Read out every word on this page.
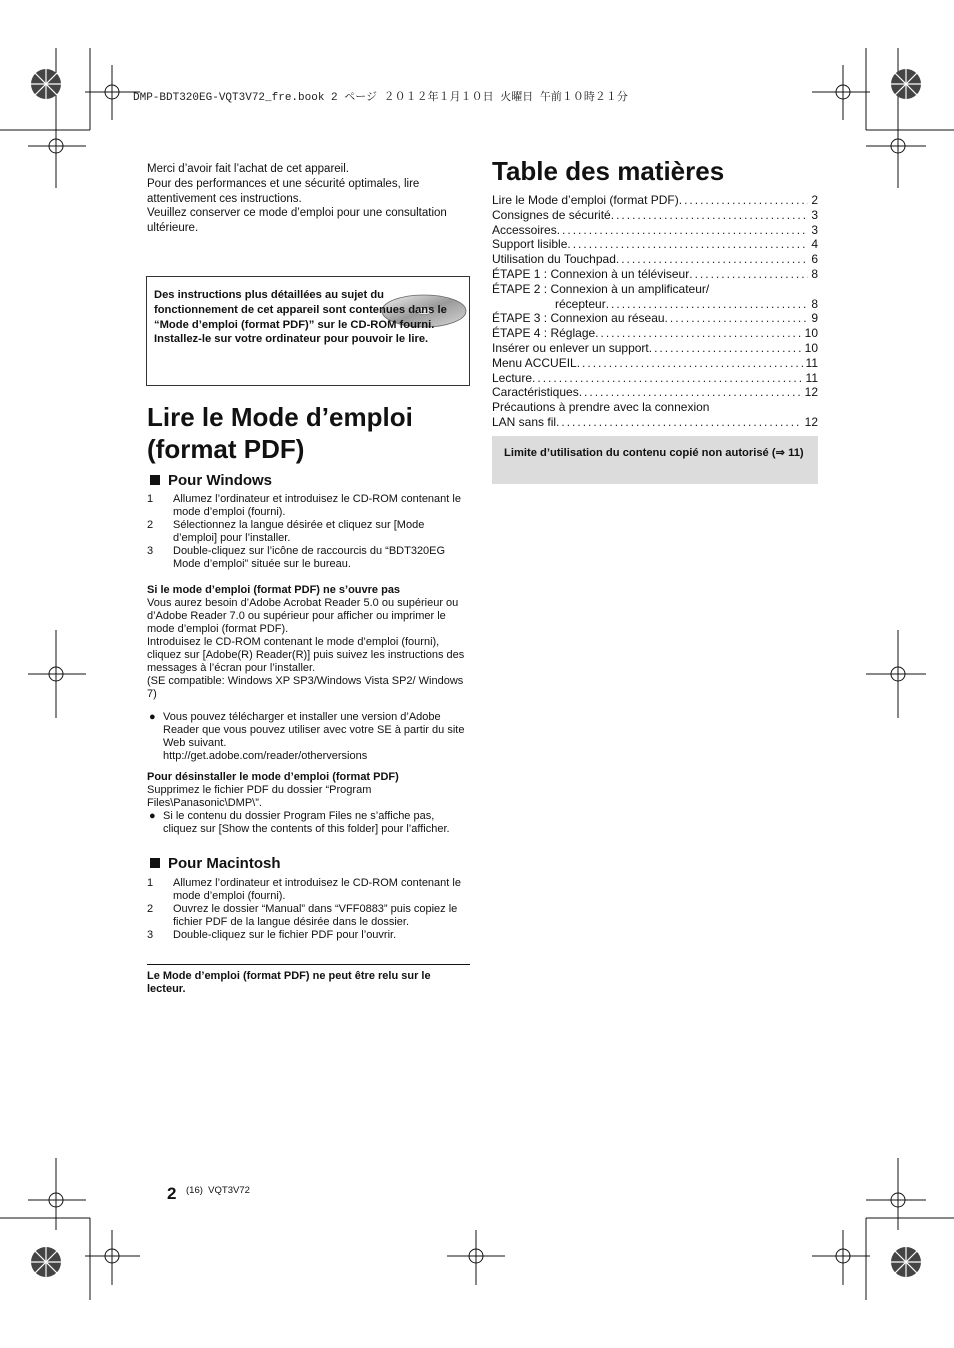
DMP-BDT320EG-VQT3V72_fre.book 2 ページ ２０１２年１月１０日 火曜日 午前１０時２１分
Merci d’avoir fait l’achat de cet appareil.
Pour des performances et une sécurité optimales, lire attentivement ces instructions.
Veuillez conserver ce mode d’emploi pour une consultation ultérieure.
Des instructions plus détaillées au sujet du fonctionnement de cet appareil sont contenues dans le “Mode d’emploi (format PDF)” sur le CD-ROM fourni. Installez-le sur votre ordinateur pour pouvoir le lire.
Lire le Mode d’emploi
(format PDF)
Pour Windows
1 Allumez l’ordinateur et introduisez le CD-ROM contenant le mode d’emploi (fourni).
2 Sélectionnez la langue désirée et cliquez sur [Mode d’emploi] pour l’installer.
3 Double-cliquez sur l’icône de raccourcis du “BDT320EG Mode d’emploi” située sur le bureau.
Si le mode d’emploi (format PDF) ne s’ouvre pas
Vous aurez besoin d’Adobe Acrobat Reader 5.0 ou supérieur ou d’Adobe Reader 7.0 ou supérieur pour afficher ou imprimer le mode d’emploi (format PDF).
Introduisez le CD-ROM contenant le mode d’emploi (fourni), cliquez sur [Adobe(R) Reader(R)] puis suivez les instructions des messages à l’écran pour l’installer.
(SE compatible: Windows XP SP3/Windows Vista SP2/ Windows 7)
● Vous pouvez télécharger et installer une version d’Adobe Reader que vous pouvez utiliser avec votre SE à partir du site Web suivant.
http://get.adobe.com/reader/otherversions
Pour désinstaller le mode d’emploi (format PDF)
Supprimez le fichier PDF du dossier “Program Files\Panasonic\DMP\”.
● Si le contenu du dossier Program Files ne s’affiche pas, cliquez sur [Show the contents of this folder] pour l’afficher.
Pour Macintosh
1 Allumez l’ordinateur et introduisez le CD-ROM contenant le mode d’emploi (fourni).
2 Ouvrez le dossier “Manual” dans “VFF0883” puis copiez le fichier PDF de la langue désirée dans le dossier.
3 Double-cliquez sur le fichier PDF pour l’ouvrir.
Le Mode d’emploi (format PDF) ne peut être relu sur le lecteur.
Table des matières
Lire le Mode d’emploi (format PDF) .....	2
Consignes de sécurité .....	3
Accessoires .....	3
Support lisible .....	4
Utilisation du Touchpad .....	6
ÉTAPE 1 : Connexion à un téléviseur .....	8
ÉTAPE 2 : Connexion à un amplificateur/
récepteur .....	8
ÉTAPE 3 : Connexion au réseau .....	9
ÉTAPE 4 : Réglage .....	10
Insérer ou enlever un support .....	10
Menu ACCUEIL .....	11
Lecture .....	11
Caractéristiques .....	12
Précautions à prendre avec la connexion
LAN sans fil .....	12
Limite d’utilisation du contenu copié non autorisé (⇒ 11)
2 (16)  VQT3V72
